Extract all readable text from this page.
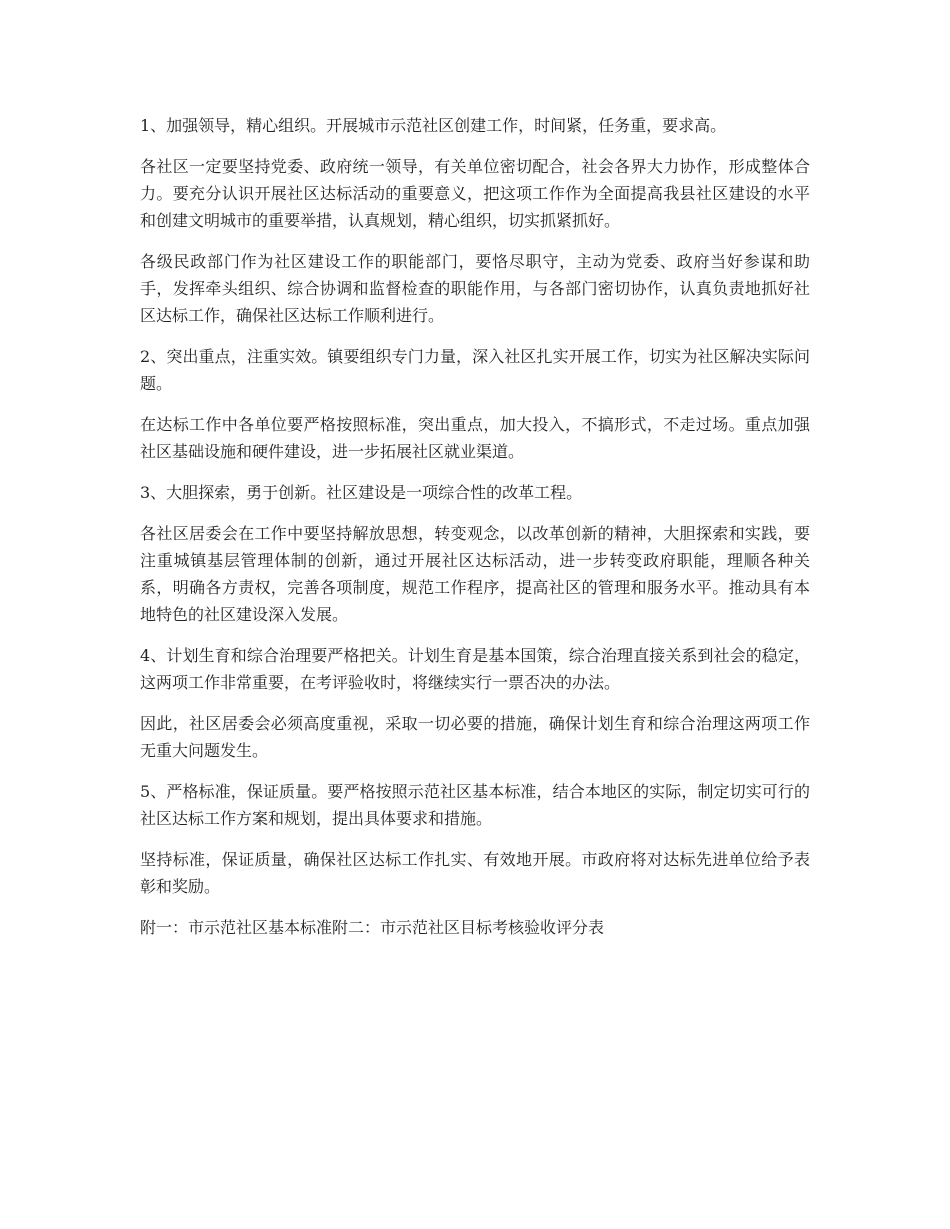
1、加强领导，精心组织。开展城市示范社区创建工作，时间紧，任务重，要求高。

各社区一定要坚持党委、政府统一领导，有关单位密切配合，社会各界大力协作，形成整体合力。要充分认识开展社区达标活动的重要意义，把这项工作作为全面提高我县社区建设的水平和创建文明城市的重要举措，认真规划，精心组织，切实抓紧抓好。

各级民政部门作为社区建设工作的职能部门，要恪尽职守，主动为党委、政府当好参谋和助手，发挥牵头组织、综合协调和监督检查的职能作用，与各部门密切协作，认真负责地抓好社区达标工作，确保社区达标工作顺利进行。

2、突出重点，注重实效。镇要组织专门力量，深入社区扎实开展工作，切实为社区解决实际问题。

在达标工作中各单位要严格按照标准，突出重点，加大投入，不搞形式，不走过场。重点加强社区基础设施和硬件建设，进一步拓展社区就业渠道。

3、大胆探索，勇于创新。社区建设是一项综合性的改革工程。

各社区居委会在工作中要坚持解放思想，转变观念，以改革创新的精神，大胆探索和实践，要注重城镇基层管理体制的创新，通过开展社区达标活动，进一步转变政府职能，理顺各种关系，明确各方责权，完善各项制度，规范工作程序，提高社区的管理和服务水平。推动具有本地特色的社区建设深入发展。

4、计划生育和综合治理要严格把关。计划生育是基本国策，综合治理直接关系到社会的稳定，这两项工作非常重要，在考评验收时，将继续实行一票否决的办法。

因此，社区居委会必须高度重视，采取一切必要的措施，确保计划生育和综合治理这两项工作无重大问题发生。

5、严格标准，保证质量。要严格按照示范社区基本标准，结合本地区的实际，制定切实可行的社区达标工作方案和规划，提出具体要求和措施。

坚持标准，保证质量，确保社区达标工作扎实、有效地开展。市政府将对达标先进单位给予表彰和奖励。

附一：市示范社区基本标准附二：市示范社区目标考核验收评分表
